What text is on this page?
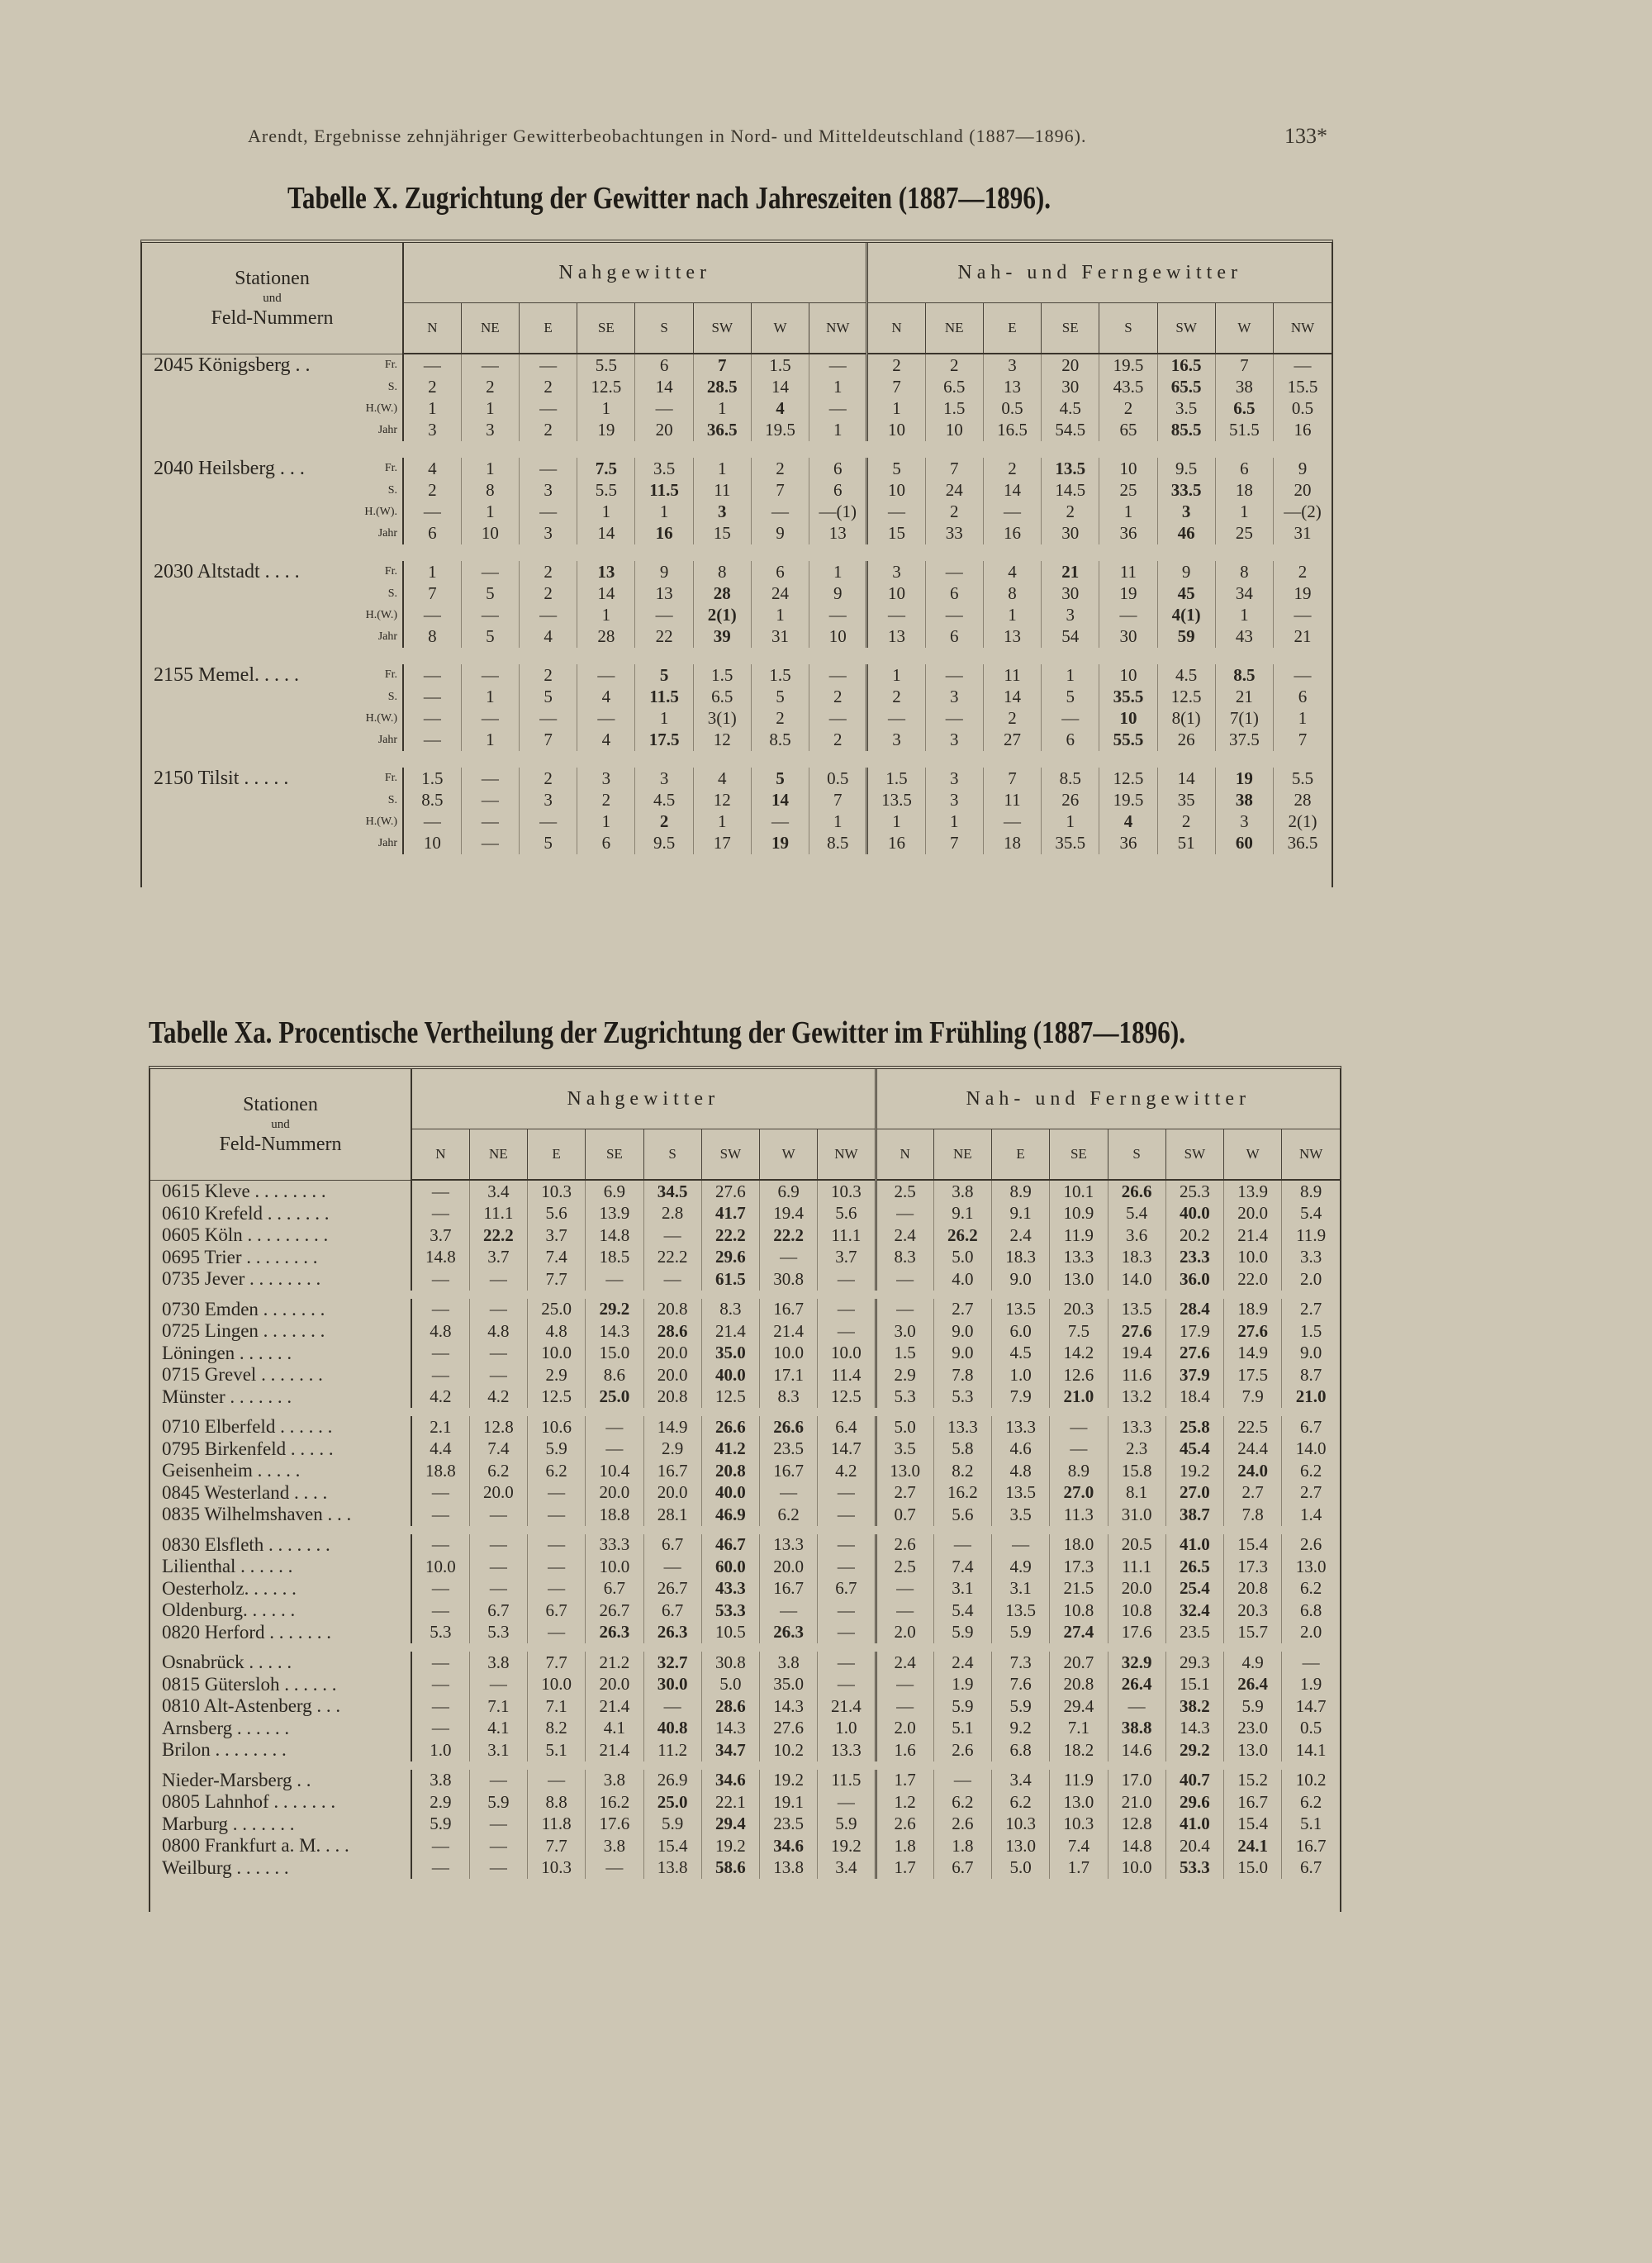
Arendt, Ergebnisse zehnjähriger Gewitterbeobachtungen in Nord- und Mitteldeutschland (1887—1896).	133*
Tabelle X. Zugrichtung der Gewitter nach Jahreszeiten (1887—1896).
Stationen
und
Feld-Nummern		Nahgewitter								Nah- und Ferngewitter							
		N	NE	E	SE	S	SW	W	NW	N	NE	E	SE	S	SW	W	NW
2045 Königsberg . .	Fr.	—	—	—	5.5	6	7	1.5	—	2	2	3	20	19.5	16.5	7	—
	S.	2	2	2	12.5	14	28.5	14	1	7	6.5	13	30	43.5	65.5	38	15.5
	H.(W.)	1	1	—	1	—	1	4	—	1	1.5	0.5	4.5	2	3.5	6.5	0.5
	Jahr	3	3	2	19	20	36.5	19.5	1	10	10	16.5	54.5	65	85.5	51.5	16

2040 Heilsberg . . .	Fr.	4	1	—	7.5	3.5	1	2	6	5	7	2	13.5	10	9.5	6	9
	S.	2	8	3	5.5	11.5	11	7	6	10	24	14	14.5	25	33.5	18	20
	H.(W).	—	1	—	1	1	3	—	—(1)	—	2	—	2	1	3	1	—(2)
	Jahr	6	10	3	14	16	15	9	13	15	33	16	30	36	46	25	31

2030 Altstadt . . . .	Fr.	1	—	2	13	9	8	6	1	3	—	4	21	11	9	8	2
	S.	7	5	2	14	13	28	24	9	10	6	8	30	19	45	34	19
	H.(W.)	—	—	—	1	—	2(1)	1	—	—	—	1	3	—	4(1)	1	—
	Jahr	8	5	4	28	22	39	31	10	13	6	13	54	30	59	43	21

2155 Memel. . . . .	Fr.	—	—	2	—	5	1.5	1.5	—	1	—	11	1	10	4.5	8.5	—
	S.	—	1	5	4	11.5	6.5	5	2	2	3	14	5	35.5	12.5	21	6
	H.(W.)	—	—	—	—	1	3(1)	2	—	—	—	2	—	10	8(1)	7(1)	1
	Jahr	—	1	7	4	17.5	12	8.5	2	3	3	27	6	55.5	26	37.5	7

2150 Tilsit . . . . .	Fr.	1.5	—	2	3	3	4	5	0.5	1.5	3	7	8.5	12.5	14	19	5.5
	S.	8.5	—	3	2	4.5	12	14	7	13.5	3	11	26	19.5	35	38	28
	H.(W.)	—	—	—	1	2	1	—	1	1	1	—	1	4	2	3	2(1)
	Jahr	10	—	5	6	9.5	17	19	8.5	16	7	18	35.5	36	51	60	36.5

Tabelle Xa. Procentische Vertheilung der Zugrichtung der Gewitter im Frühling (1887—1896).
Stationen
und
Feld-Nummern	Nahgewitter								Nah- und Ferngewitter							
	N	NE	E	SE	S	SW	W	NW	N	NE	E	SE	S	SW	W	NW
0615 Kleve . . . . . . . .	—	3.4	10.3	6.9	34.5	27.6	6.9	10.3	2.5	3.8	8.9	10.1	26.6	25.3	13.9	8.9
0610 Krefeld . . . . . . .	—	11.1	5.6	13.9	2.8	41.7	19.4	5.6	—	9.1	9.1	10.9	5.4	40.0	20.0	5.4
0605 Köln . . . . . . . . .	3.7	22.2	3.7	14.8	—	22.2	22.2	11.1	2.4	26.2	2.4	11.9	3.6	20.2	21.4	11.9
0695 Trier . . . . . . . .	14.8	3.7	7.4	18.5	22.2	29.6	—	3.7	8.3	5.0	18.3	13.3	18.3	23.3	10.0	3.3
0735 Jever . . . . . . . .	—	—	7.7	—	—	61.5	30.8	—	—	4.0	9.0	13.0	14.0	36.0	22.0	2.0

0730 Emden . . . . . . .	—	—	25.0	29.2	20.8	8.3	16.7	—	—	2.7	13.5	20.3	13.5	28.4	18.9	2.7
0725 Lingen . . . . . . .	4.8	4.8	4.8	14.3	28.6	21.4	21.4	—	3.0	9.0	6.0	7.5	27.6	17.9	27.6	1.5
Löningen . . . . . .	—	—	10.0	15.0	20.0	35.0	10.0	10.0	1.5	9.0	4.5	14.2	19.4	27.6	14.9	9.0
0715 Grevel . . . . . . .	—	—	2.9	8.6	20.0	40.0	17.1	11.4	2.9	7.8	1.0	12.6	11.6	37.9	17.5	8.7
Münster . . . . . . .	4.2	4.2	12.5	25.0	20.8	12.5	8.3	12.5	5.3	5.3	7.9	21.0	13.2	18.4	7.9	21.0

0710 Elberfeld . . . . . .	2.1	12.8	10.6	—	14.9	26.6	26.6	6.4	5.0	13.3	13.3	—	13.3	25.8	22.5	6.7
0795 Birkenfeld . . . . .	4.4	7.4	5.9	—	2.9	41.2	23.5	14.7	3.5	5.8	4.6	—	2.3	45.4	24.4	14.0
Geisenheim . . . . .	18.8	6.2	6.2	10.4	16.7	20.8	16.7	4.2	13.0	8.2	4.8	8.9	15.8	19.2	24.0	6.2
0845 Westerland . . . .	—	20.0	—	20.0	20.0	40.0	—	—	2.7	16.2	13.5	27.0	8.1	27.0	2.7	2.7
0835 Wilhelmshaven . . .	—	—	—	18.8	28.1	46.9	6.2	—	0.7	5.6	3.5	11.3	31.0	38.7	7.8	1.4

0830 Elsfleth . . . . . . .	—	—	—	33.3	6.7	46.7	13.3	—	2.6	—	—	18.0	20.5	41.0	15.4	2.6
Lilienthal . . . . . .	10.0	—	—	10.0	—	60.0	20.0	—	2.5	7.4	4.9	17.3	11.1	26.5	17.3	13.0
Oesterholz. . . . . .	—	—	—	6.7	26.7	43.3	16.7	6.7	—	3.1	3.1	21.5	20.0	25.4	20.8	6.2
Oldenburg. . . . . .	—	6.7	6.7	26.7	6.7	53.3	—	—	—	5.4	13.5	10.8	10.8	32.4	20.3	6.8
0820 Herford . . . . . . .	5.3	5.3	—	26.3	26.3	10.5	26.3	—	2.0	5.9	5.9	27.4	17.6	23.5	15.7	2.0

Osnabrück . . . . .	—	3.8	7.7	21.2	32.7	30.8	3.8	—	2.4	2.4	7.3	20.7	32.9	29.3	4.9	—
0815 Gütersloh . . . . . .	—	—	10.0	20.0	30.0	5.0	35.0	—	—	1.9	7.6	20.8	26.4	15.1	26.4	1.9
0810 Alt-Astenberg . . .	—	7.1	7.1	21.4	—	28.6	14.3	21.4	—	5.9	5.9	29.4	—	38.2	5.9	14.7
Arnsberg . . . . . .	—	4.1	8.2	4.1	40.8	14.3	27.6	1.0	2.0	5.1	9.2	7.1	38.8	14.3	23.0	0.5
Brilon . . . . . . . .	1.0	3.1	5.1	21.4	11.2	34.7	10.2	13.3	1.6	2.6	6.8	18.2	14.6	29.2	13.0	14.1

Nieder-Marsberg . .	3.8	—	—	3.8	26.9	34.6	19.2	11.5	1.7	—	3.4	11.9	17.0	40.7	15.2	10.2
0805 Lahnhof . . . . . . .	2.9	5.9	8.8	16.2	25.0	22.1	19.1	—	1.2	6.2	6.2	13.0	21.0	29.6	16.7	6.2
Marburg . . . . . . .	5.9	—	11.8	17.6	5.9	29.4	23.5	5.9	2.6	2.6	10.3	10.3	12.8	41.0	15.4	5.1
0800 Frankfurt a. M. . . .	—	—	7.7	3.8	15.4	19.2	34.6	19.2	1.8	1.8	13.0	7.4	14.8	20.4	24.1	16.7
Weilburg . . . . . .	—	—	10.3	—	13.8	58.6	13.8	3.4	1.7	6.7	5.0	1.7	10.0	53.3	15.0	6.7
